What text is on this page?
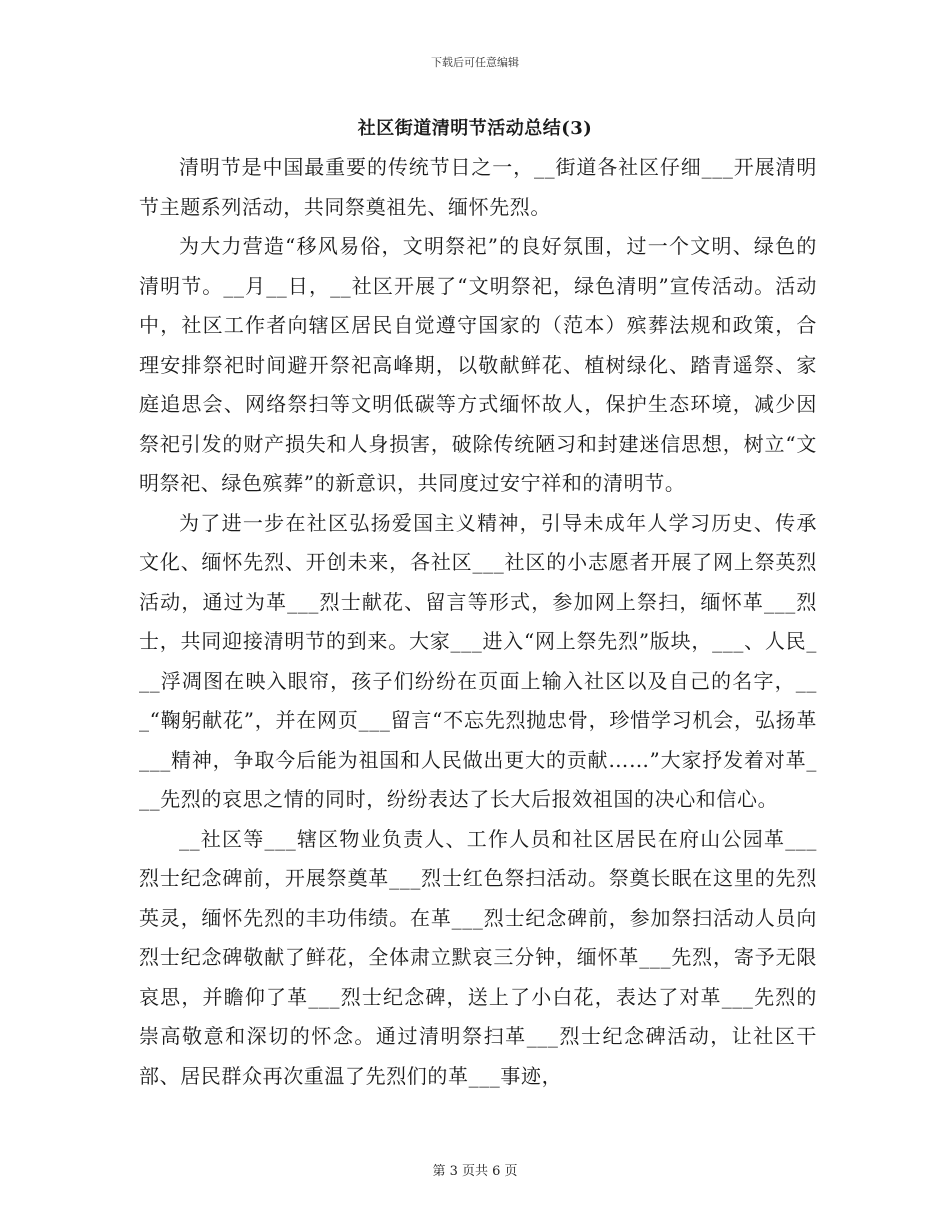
下载后可任意编辑
社区街道清明节活动总结(3)

清明节是中国最重要的传统节日之一，__街道各社区仔细___开展清明节主题系列活动，共同祭奠祖先、缅怀先烈。

为大力营造“移风易俗，文明祭祀”的良好氛围，过一个文明、绿色的清明节。__月__日，__社区开展了“文明祭祀，绿色清明”宣传活动。活动中，社区工作者向辖区居民自觉遵守国家的（范本）殡葬法规和政策，合理安排祭祀时间避开祭祀高峰期，以敬献鲜花、植树绿化、踏青遥祭、家庭追思会、网络祭扫等文明低碳等方式缅怀故人，保护生态环境，减少因祭祀引发的财产损失和人身损害，破除传统陋习和封建迷信思想，树立“文明祭祀、绿色殡葬”的新意识，共同度过安宁祥和的清明节。

为了进一步在社区弘扬爱国主义精神，引导未成年人学习历史、传承文化、缅怀先烈、开创未来，各社区___社区的小志愿者开展了网上祭英烈活动，通过为革___烈士献花、留言等形式，参加网上祭扫，缅怀革___烈士，共同迎接清明节的到来。大家___进入“网上祭先烈”版块，___、人民___浮凋图在映入眼帘，孩子们纷纷在页面上输入社区以及自己的名字，___“鞠躬献花”，并在网页___留言“不忘先烈抛忠骨，珍惜学习机会，弘扬革___精神，争取今后能为祖国和人民做出更大的贡献……”大家抒发着对革___先烈的哀思之情的同时，纷纷表达了长大后报效祖国的决心和信心。

__社区等___辖区物业负责人、工作人员和社区居民在府山公园革___烈士纪念碑前，开展祭奠革___烈士红色祭扫活动。祭奠长眠在这里的先烈英灵，缅怀先烈的丰功伟绩。在革___烈士纪念碑前，参加祭扫活动人员向烈士纪念碑敬献了鲜花，全体肃立默哀三分钟，缅怀革___先烈，寄予无限哀思，并瞻仰了革___烈士纪念碑，送上了小白花，表达了对革___先烈的崇高敬意和深切的怀念。通过清明祭扫革___烈士纪念碑活动，让社区干部、居民群众再次重温了先烈们的革___事迹，

第 3 页共 6 页
